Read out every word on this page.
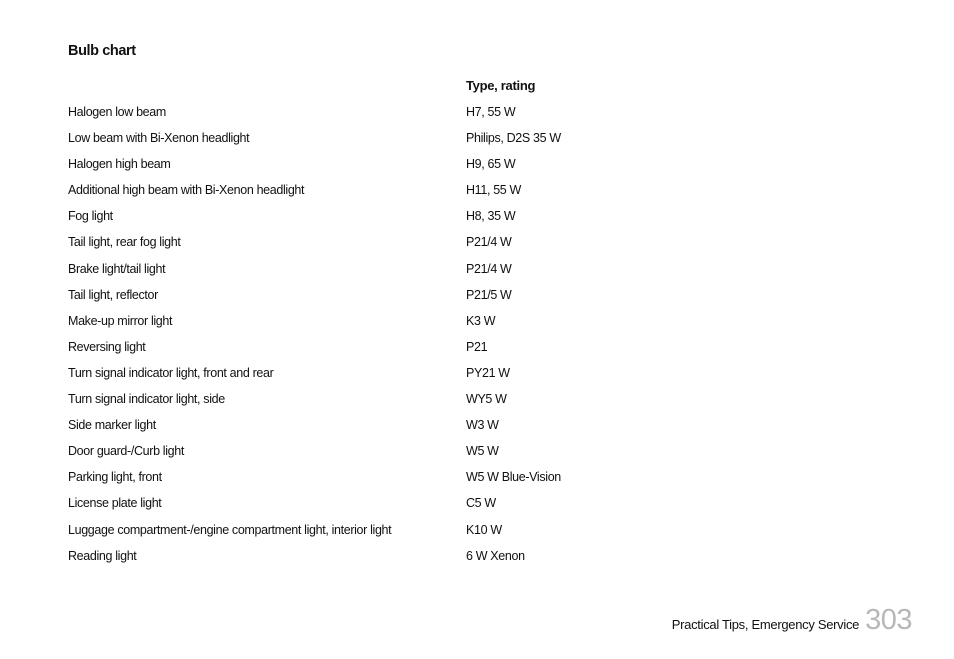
Bulb chart
Type, rating
Halogen low beam	H7, 55 W
Low beam with Bi-Xenon headlight	Philips, D2S 35 W
Halogen high beam	H9, 65 W
Additional high beam with Bi-Xenon headlight	H11, 55 W
Fog light	H8, 35 W
Tail light, rear fog light	P21/4 W
Brake light/tail light	P21/4 W
Tail light, reflector	P21/5 W
Make-up mirror light	K3 W
Reversing light	P21
Turn signal indicator light, front and rear	PY21 W
Turn signal indicator light, side	WY5 W
Side marker light	W3 W
Door guard-/Curb light	W5 W
Parking light, front	W5 W Blue-Vision
License plate light	C5 W
Luggage compartment-/engine compartment light, interior light	K10 W
Reading light	6 W Xenon
Practical Tips, Emergency Service 303
